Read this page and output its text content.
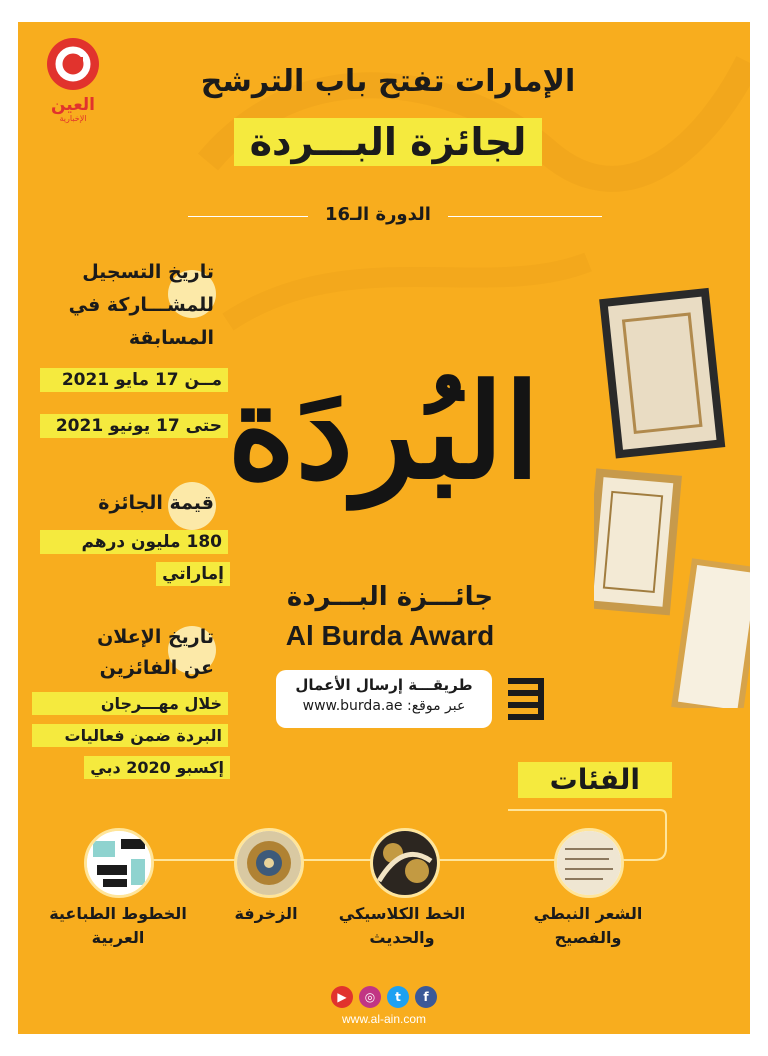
العين
الإخبارية
الإمارات تفتح باب الترشح
لجائزة البـــردة
الدورة الـ16
تاريخ التسجيل
للمشـــاركة في
المسابقة
مــن 17 مايو 2021
حتى 17 يونيو 2021
قيمة الجائزة
180 مليون درهم
إماراتي
تاريخ الإعلان
عن الفائزين
خلال مهـــرجان
البردة ضمن فعاليات
إكسبو 2020 دبي
البُردَة
جائـــزة البـــردة
Al Burda Award
طريقـــة إرسال الأعمال
عبر موقع: www.burda.ae
الفئات
الشعر النبطي
والفصيح
الخط الكلاسيكي
والحديث
الزخرفة
الخطوط الطباعية
العربية
▶	◎	t	f
www.al-ain.com
